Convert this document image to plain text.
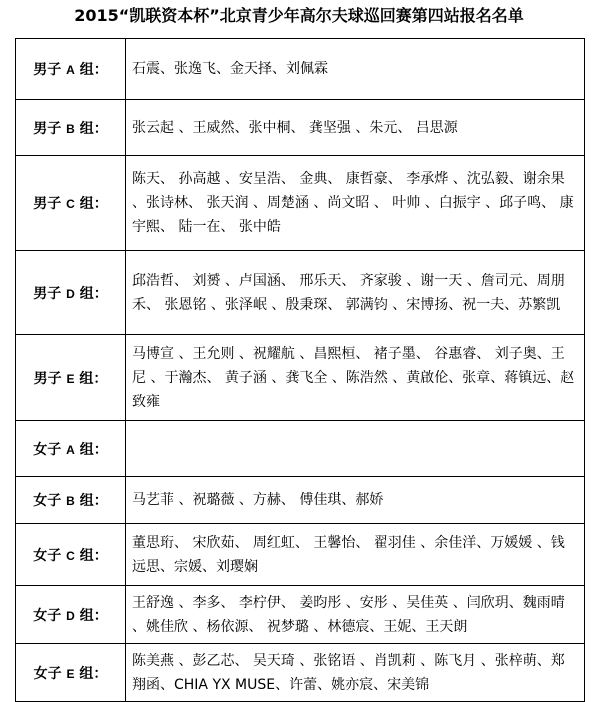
2015“凯联资本杯”北京青少年高尔夫球巡回赛第四站报名名单
男子 A 组：	石震、张逸飞、金天择、刘佩霖
男子 B 组：	张云起 、王威然、张中桐、 龚坚强 、朱元、 吕思源
男子 C 组：	陈天、 孙高越 、安呈浩、 金典、 康哲豪、 李承烨 、沈弘毅、谢余果 、张诗林、 张天润 、周楚涵 、尚文昭 、 叶帅 、白振宇 、邱子鸣、 康宇熙、 陆一在、 张中皓
男子 D 组：	邱浩哲、 刘赟 、卢国涵、 邢乐天、 齐家骏 、谢一天 、詹司元、周朋禾、 张恩铭 、张泽岷 、殷秉琛、 郭满钧 、宋博扬、祝一夫、苏繁凯
男子 E 组：	马博宣 、王允则 、祝耀航 、昌熙桓、 褚子墨、 谷惠睿、 刘子奥、王尼 、于瀚杰、 黄子涵 、龚飞全 、陈浩然 、黄啟伦、张章、蒋镇远、赵致雍
女子 A 组：	
女子 B 组：	马艺菲 、祝璐薇 、方赫、 傅佳琪、郝娇
女子 C 组：	董思珩、 宋欣茹、 周红虹、 王馨怡、 翟羽佳 、余佳洋、万媛媛 、钱远思、宗媛、刘璎娴
女子 D 组：	王舒逸 、李多、 李柠伊、 姜昀彤 、安彤 、吴佳英 、闫欣玥、魏雨晴 、姚佳欣 、杨依源、 祝梦璐 、林德宸、王妮、王天朗
女子 E 组：	陈美燕 、彭乙芯、 吴天琦 、张铭语 、肖凯莉 、陈飞月 、张梓萌、郑翔函、CHIA YX MUSE、许蕾、姚亦宸、宋美锦
